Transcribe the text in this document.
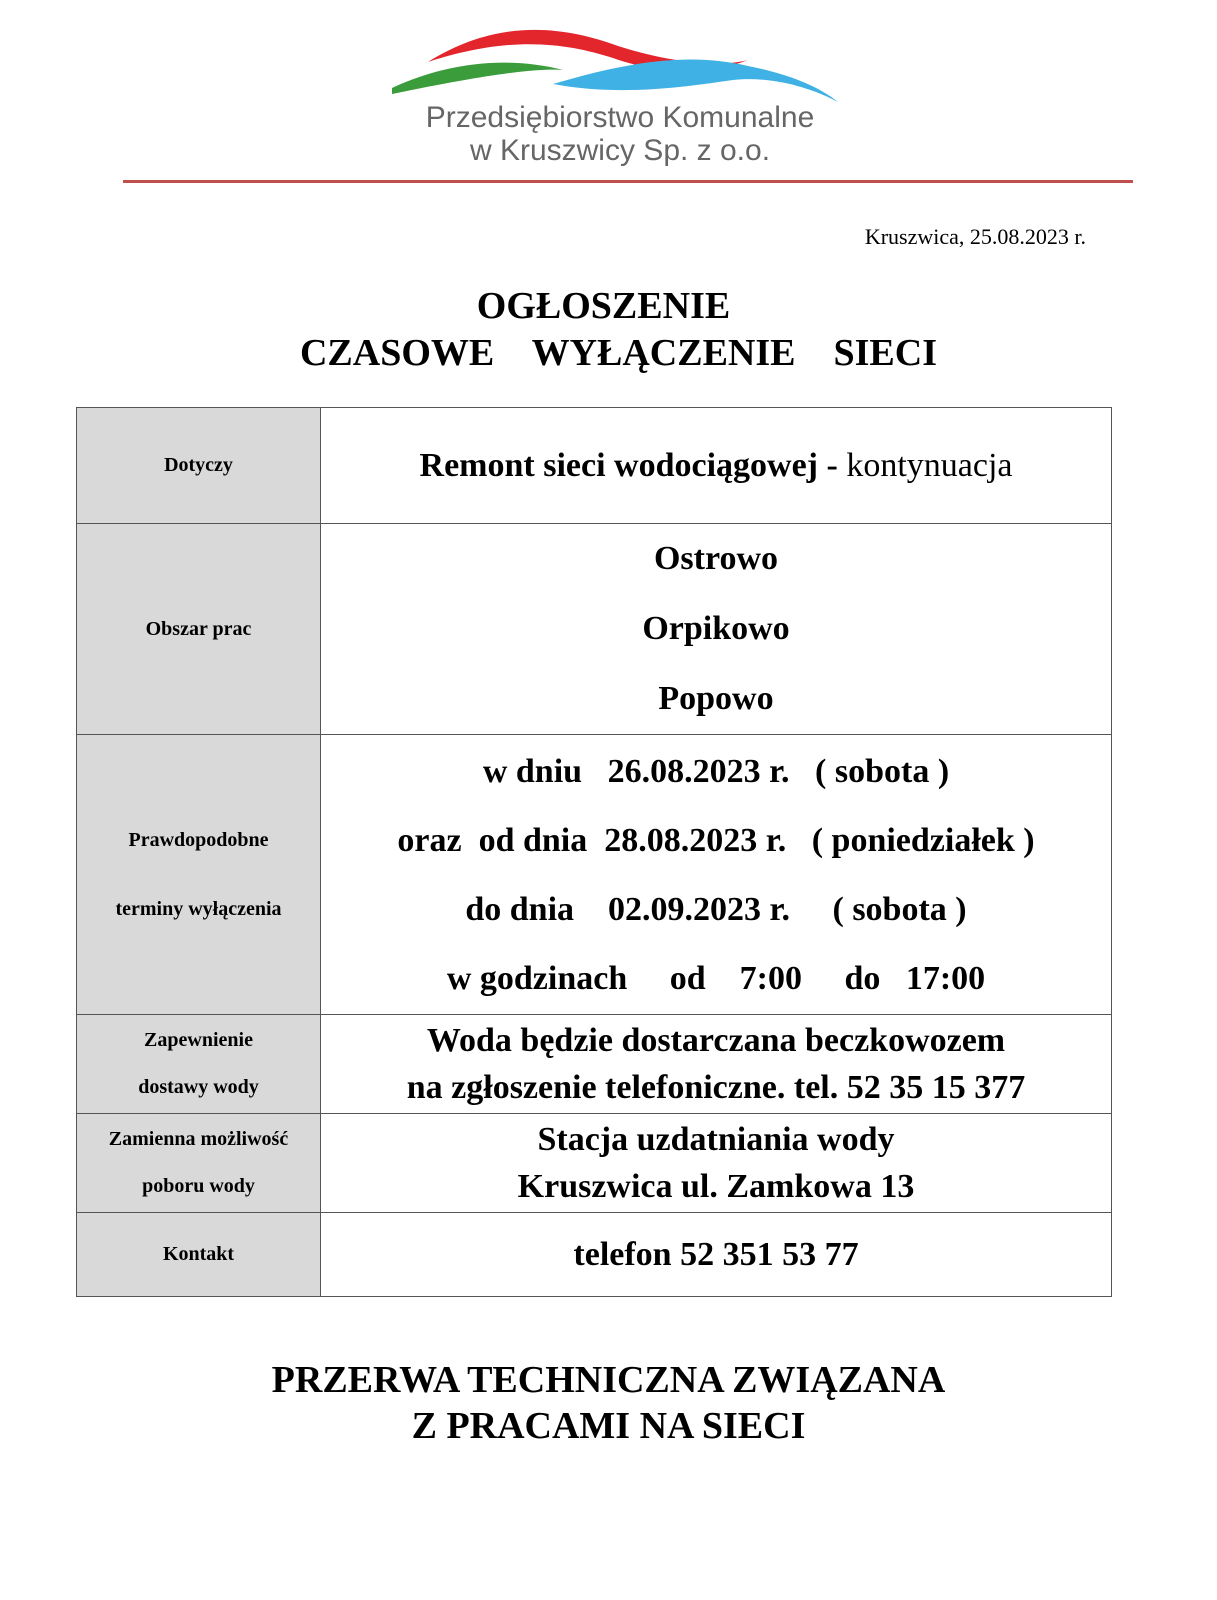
Przedsiębiorstwo Komunalne
w Kruszwicy Sp. z o.o.
Kruszwica, 25.08.2023 r.
OGŁOSZENIE
CZASOWE    WYŁĄCZENIE    SIECI
Dotyczy	Remont sieci wodociągowej - kontynuacja

Obszar prac	Ostrowo
Orpikowo
Popowo

Prawdopodobne
terminy wyłączenia	w dniu   26.08.2023 r.   ( sobota )
oraz  od dnia  28.08.2023 r.   ( poniedziałek )
do dnia    02.09.2023 r.     ( sobota )
w godzinach     od    7:00     do   17:00

Zapewnienie
dostawy wody	Woda będzie dostarczana beczkowozem
na zgłoszenie telefoniczne. tel. 52 35 15 377

Zamienna możliwość
poboru wody	Stacja uzdatniania wody
Kruszwica ul. Zamkowa 13

Kontakt	telefon 52 351 53 77
PRZERWA TECHNICZNA ZWIĄZANA
Z PRACAMI NA SIECI
